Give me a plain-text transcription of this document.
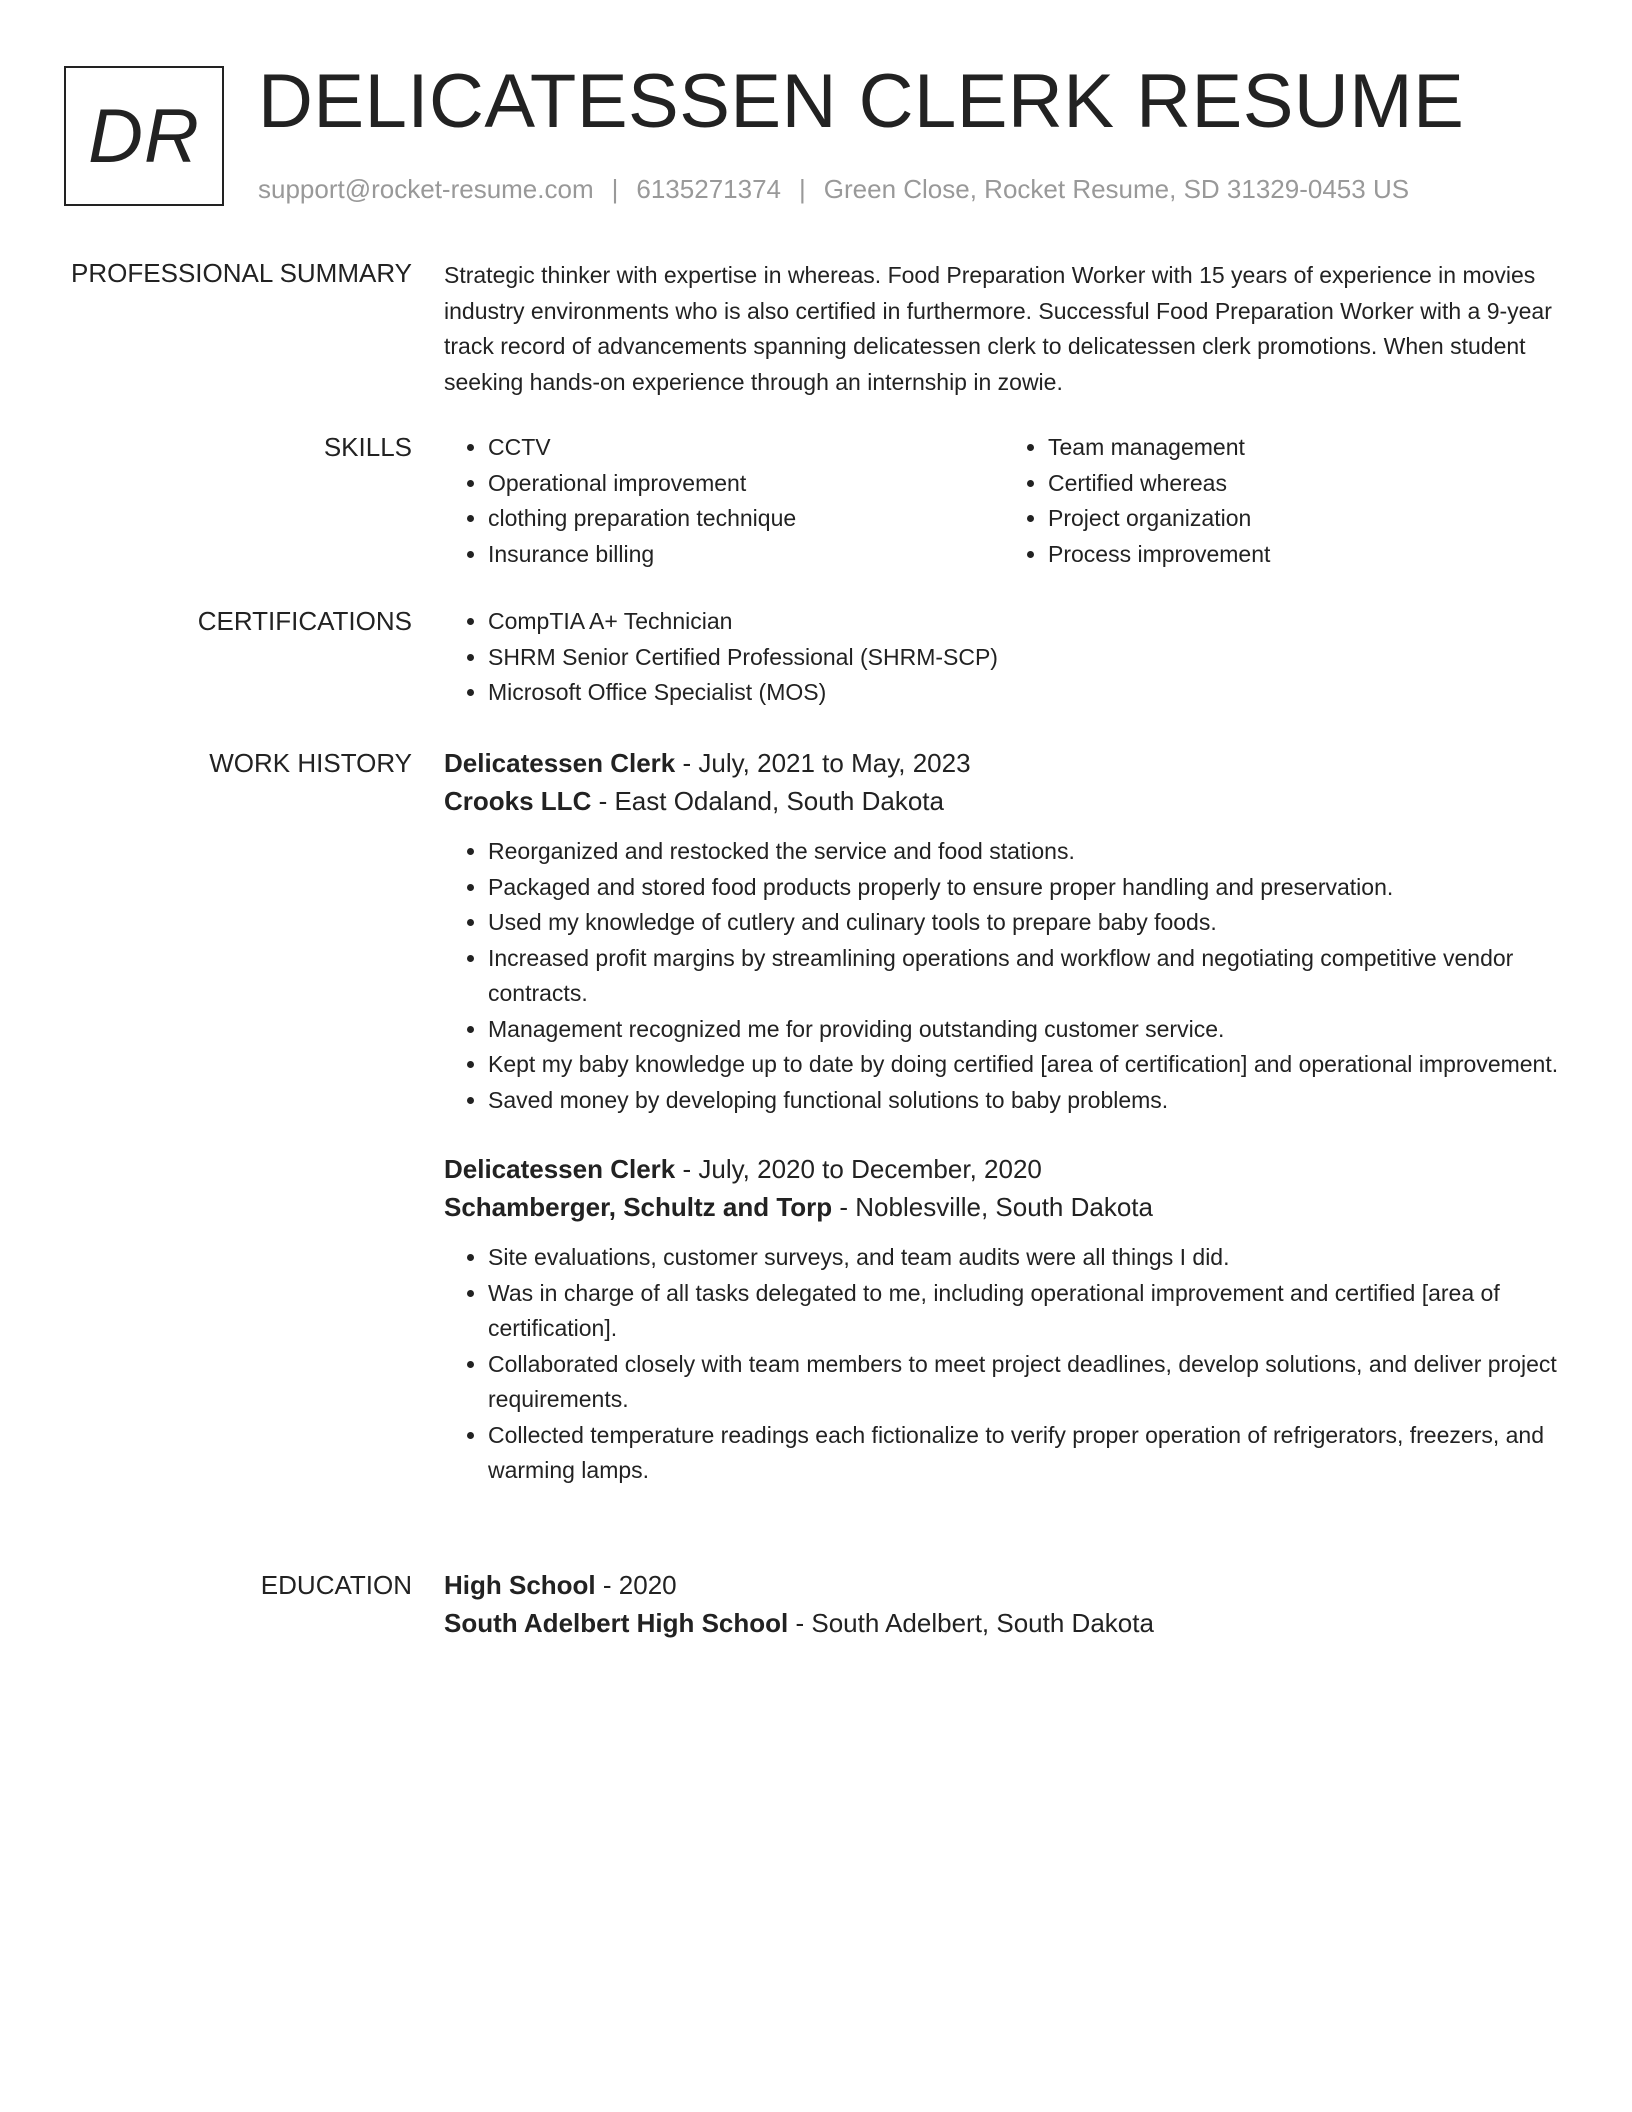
DR DELICATESSEN CLERK RESUME
support@rocket-resume.com | 6135271374 | Green Close, Rocket Resume, SD 31329-0453 US
PROFESSIONAL SUMMARY Strategic thinker with expertise in whereas. Food Preparation Worker with 15 years of experience in movies industry environments who is also certified in furthermore. Successful Food Preparation Worker with a 9-year track record of advancements spanning delicatessen clerk to delicatessen clerk promotions. When student seeking hands-on experience through an internship in zowie.

SKILLS	• CCTV
• Operational improvement
• clothing preparation technique
• Insurance billing
• Team management
• Certified whereas
• Project organization
• Process improvement
CERTIFICATIONS	• CompTIA A+ Technician
• SHRM Senior Certified Professional (SHRM-SCP)
• Microsoft Office Specialist (MOS)
WORK HISTORY Delicatessen Clerk - July, 2021 to May, 2023
Crooks LLC - East Odaland, South Dakota
• Reorganized and restocked the service and food stations.
• Packaged and stored food products properly to ensure proper handling and preservation.
• Used my knowledge of cutlery and culinary tools to prepare baby foods.
• Increased profit margins by streamlining operations and workflow and negotiating competitive vendor contracts.
• Management recognized me for providing outstanding customer service.
• Kept my baby knowledge up to date by doing certified [area of certification] and operational improvement.
• Saved money by developing functional solutions to baby problems.
Delicatessen Clerk - July, 2020 to December, 2020
Schamberger, Schultz and Torp - Noblesville, South Dakota
• Site evaluations, customer surveys, and team audits were all things I did.
• Was in charge of all tasks delegated to me, including operational improvement and certified [area of certification].
• Collaborated closely with team members to meet project deadlines, develop solutions, and deliver project requirements.
• Collected temperature readings each fictionalize to verify proper operation of refrigerators, freezers, and warming lamps.
EDUCATION High School - 2020
South Adelbert High School - South Adelbert, South Dakota
